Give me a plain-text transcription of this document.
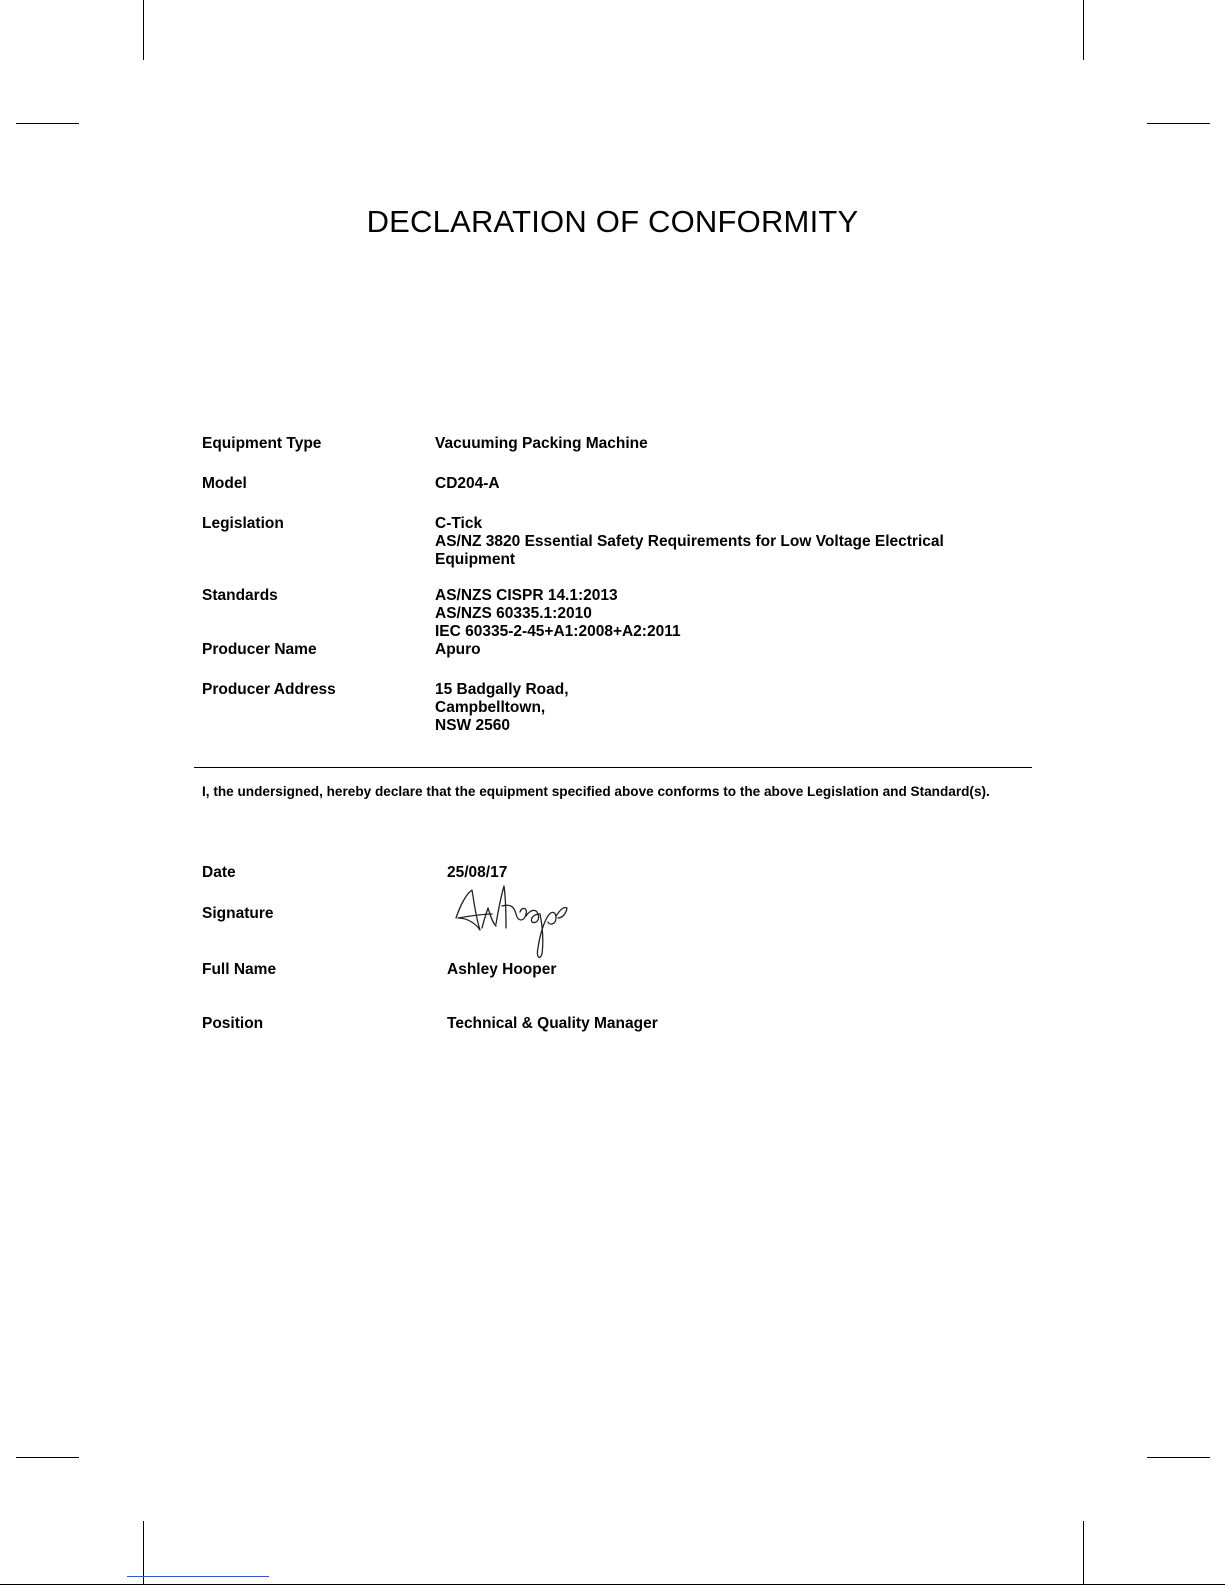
DECLARATION OF CONFORMITY
Equipment Type	Vacuuming Packing Machine
Model	CD204-A
Legislation	C-Tick
AS/NZ 3820 Essential Safety Requirements for Low Voltage Electrical
Equipment
Standards	AS/NZS CISPR 14.1:2013
AS/NZS 60335.1:2010
IEC 60335-2-45+A1:2008+A2:2011
Producer Name	Apuro
Producer Address	15 Badgally Road,
Campbelltown,
NSW 2560
I, the undersigned, hereby declare that the equipment specified above conforms to the above Legislation and Standard(s).
Date	25/08/17
Signature
Full Name	Ashley Hooper
Position	Technical & Quality Manager
